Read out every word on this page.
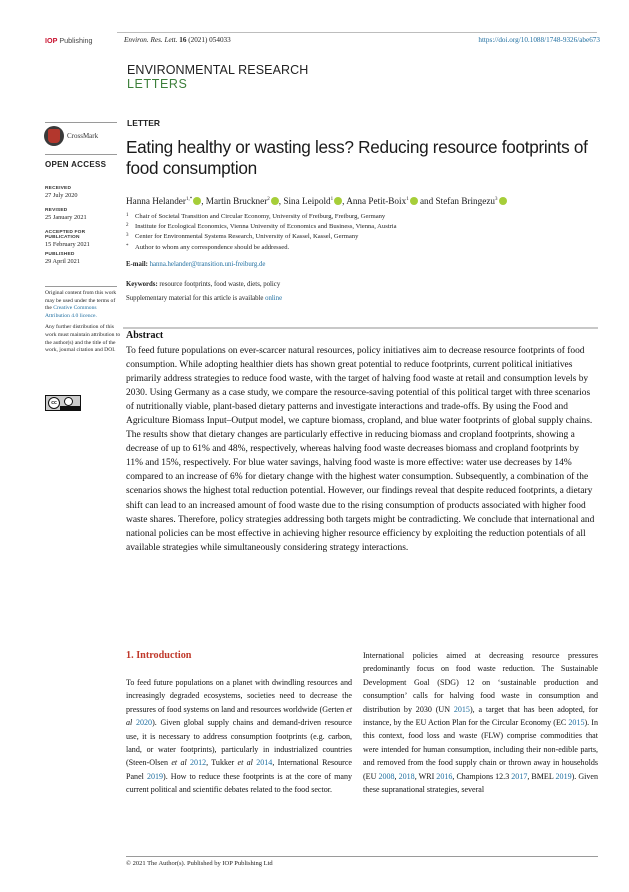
IOP Publishing	Environ. Res. Lett. 16 (2021) 054033	https://doi.org/10.1088/1748-9326/abe673
ENVIRONMENTAL RESEARCH
LETTERS
CrossMark
OPEN ACCESS
RECEIVED
27 July 2020
REVISED
25 January 2021
ACCEPTED FOR PUBLICATION
15 February 2021
PUBLISHED
29 April 2021

Original content from this work may be used under the terms of the Creative Commons Attribution 4.0 licence.

Any further distribution of this work must maintain attribution to the author(s) and the title of the work, journal citation and DOI.

cc
LETTER
Eating healthy or wasting less? Reducing resource footprints of food consumption
Hanna Helander$^{1,*}$ , Martin Bruckner$^2$ , Sina Leipold$^1$ , Anna Petit-Boix$^1$ and Stefan Bringezu$^3$
1 Chair of Societal Transition and Circular Economy, University of Freiburg, Freiburg, Germany
2 Institute for Ecological Economics, Vienna University of Economics and Business, Vienna, Austria
3 Center for Environmental Systems Research, University of Kassel, Kassel, Germany
* Author to whom any correspondence should be addressed.
E-mail: hanna.helander@transition.uni-freiburg.de
Keywords: resource footprints, food waste, diets, policy
Supplementary material for this article is available online
Abstract
To feed future populations on ever-scarcer natural resources, policy initiatives aim to decrease resource footprints of food consumption. While adopting healthier diets has shown great potential to reduce footprints, current political initiatives primarily address strategies to reduce food waste, with the target of halving food waste at retail and consumption levels by 2030. Using Germany as a case study, we compare the resource-saving potential of this political target with three scenarios of nutritionally viable, plant-based dietary patterns and investigate interactions and trade-offs. By using the Food and Agriculture Biomass Input–Output model, we capture biomass, cropland, and blue water footprints of global supply chains. The results show that dietary changes are particularly effective in reducing biomass and cropland footprints, showing a decrease of up to 61% and 48%, respectively, whereas halving food waste decreases biomass and cropland footprints by 11% and 15%, respectively. For blue water savings, halving food waste is more effective: water use decreases by 14% compared to an increase of 6% for dietary change with the highest water consumption. Subsequently, a combination of the scenarios shows the highest total reduction potential. However, our findings reveal that despite reduced footprints, a dietary shift can lead to an increased amount of food waste due to the rising consumption of products associated with higher food waste shares. Therefore, policy strategies addressing both targets might be contradicting. We conclude that international and national policies can be most effective in achieving higher resource efficiency by exploiting the reduction potentials of all available strategies while simultaneously considering strategy interactions.
1. Introduction
To feed future populations on a planet with dwindling resources and increasingly degraded ecosystems, societies need to decrease the pressures of food systems on land and resources worldwide (Gerten et al 2020). Given global supply chains and demand-driven resource use, it is necessary to address consumption footprints (e.g. carbon, land, or water footprints), particularly in industrialized countries (Steen-Olsen et al 2012, Tukker et al 2014, International Resource Panel 2019). How to reduce these footprints is at the core of many current political and scientific debates related to the food sector.
International policies aimed at decreasing resource pressures predominantly focus on food waste reduction. The Sustainable Development Goal (SDG) 12 on ‘sustainable production and consumption’ calls for halving food waste in consumption and distribution by 2030 (UN 2015), a target that has been adopted, for instance, by the EU Action Plan for the Circular Economy (EC 2015). In this context, food loss and waste (FLW) comprise commodities that were intended for human consumption, including their non-edible parts, and removed from the food supply chain or thrown away in households (EU 2008, 2018, WRI 2016, Champions 12.3 2017, BMEL 2019). Given these supranational strategies, several
© 2021 The Author(s). Published by IOP Publishing Ltd
